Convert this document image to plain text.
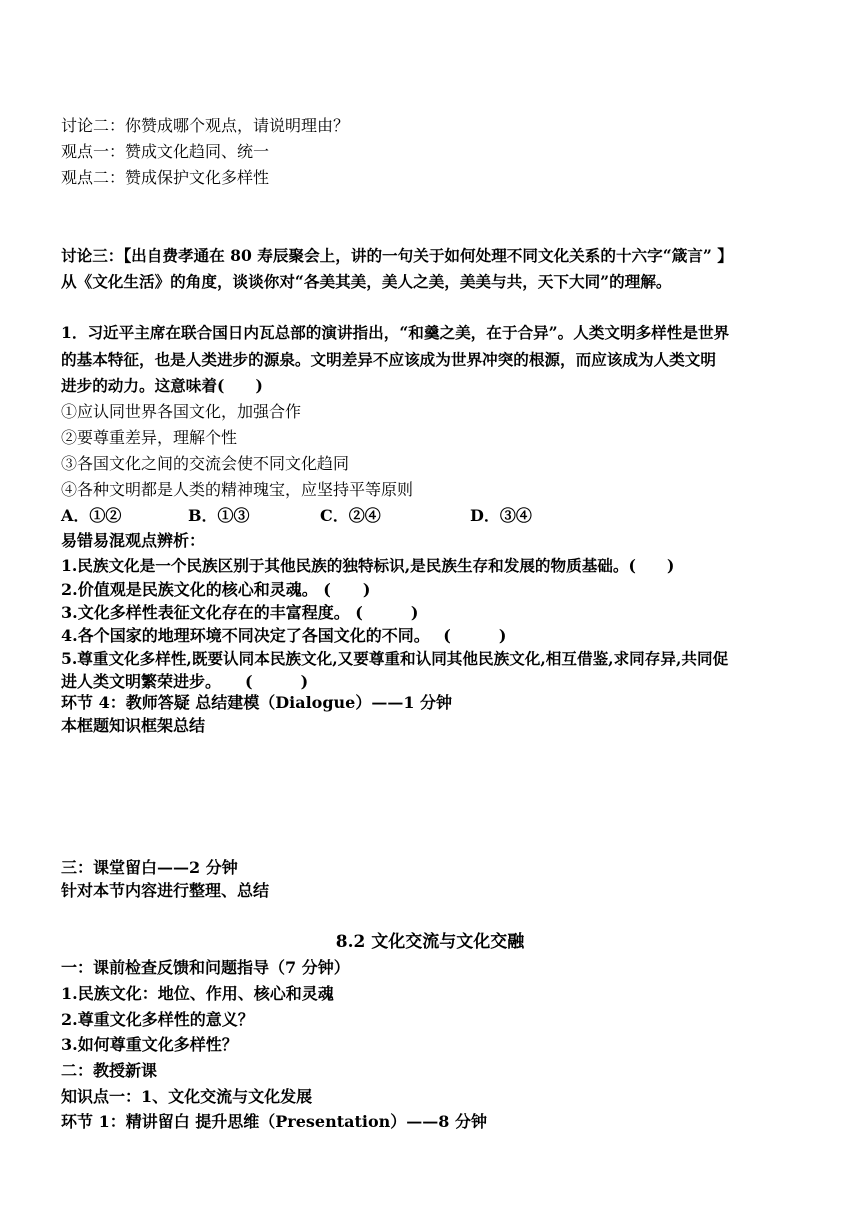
讨论二：你赞成哪个观点，请说明理由？
观点一：赞成文化趋同、统一
观点二：赞成保护文化多样性
讨论三：【出自费孝通在 80 寿辰聚会上，讲的一句关于如何处理不同文化关系的十六字“箴言” 】
从《文化生活》的角度，谈谈你对“各美其美，美人之美，美美与共，天下大同”的理解。
1．习近平主席在联合国日内瓦总部的演讲指出，“和羹之美，在于合异”。人类文明多样性是世界
的基本特征，也是人类进步的源泉。文明差异不应该成为世界冲突的根源，而应该成为人类文明
进步的动力。这意味着(　　)
①应认同世界各国文化，加强合作
②要尊重差异，理解个性
③各国文化之间的交流会使不同文化趋同
④各种文明都是人类的精神瑰宝，应坚持平等原则
A．①②	B．①③	C．②④	D．③④
易错易混观点辨析：
1.民族文化是一个民族区别于其他民族的独特标识,是民族生存和发展的物质基础。(　　)
2.价值观是民族文化的核心和灵魂。 (　　)
3.文化多样性表征文化存在的丰富程度。 (　　　)
4.各个国家的地理环境不同决定了各国文化的不同。　 (　　　)
5.尊重文化多样性,既要认同本民族文化,又要尊重和认同其他民族文化,相互借鉴,求同存异,共同促
进人类文明繁荣进步。　　(　　　)
环节 4：教师答疑 总结建模（Dialogue）——1 分钟
本框题知识框架总结
三：课堂留白——2 分钟
针对本节内容进行整理、总结
8.2 文化交流与文化交融
一：课前检查反馈和问题指导（7 分钟）
1.民族文化：地位、作用、核心和灵魂
2.尊重文化多样性的意义？
3.如何尊重文化多样性？
二：教授新课
知识点一：1、文化交流与文化发展
环节 1：精讲留白 提升思维（Presentation）——8 分钟
